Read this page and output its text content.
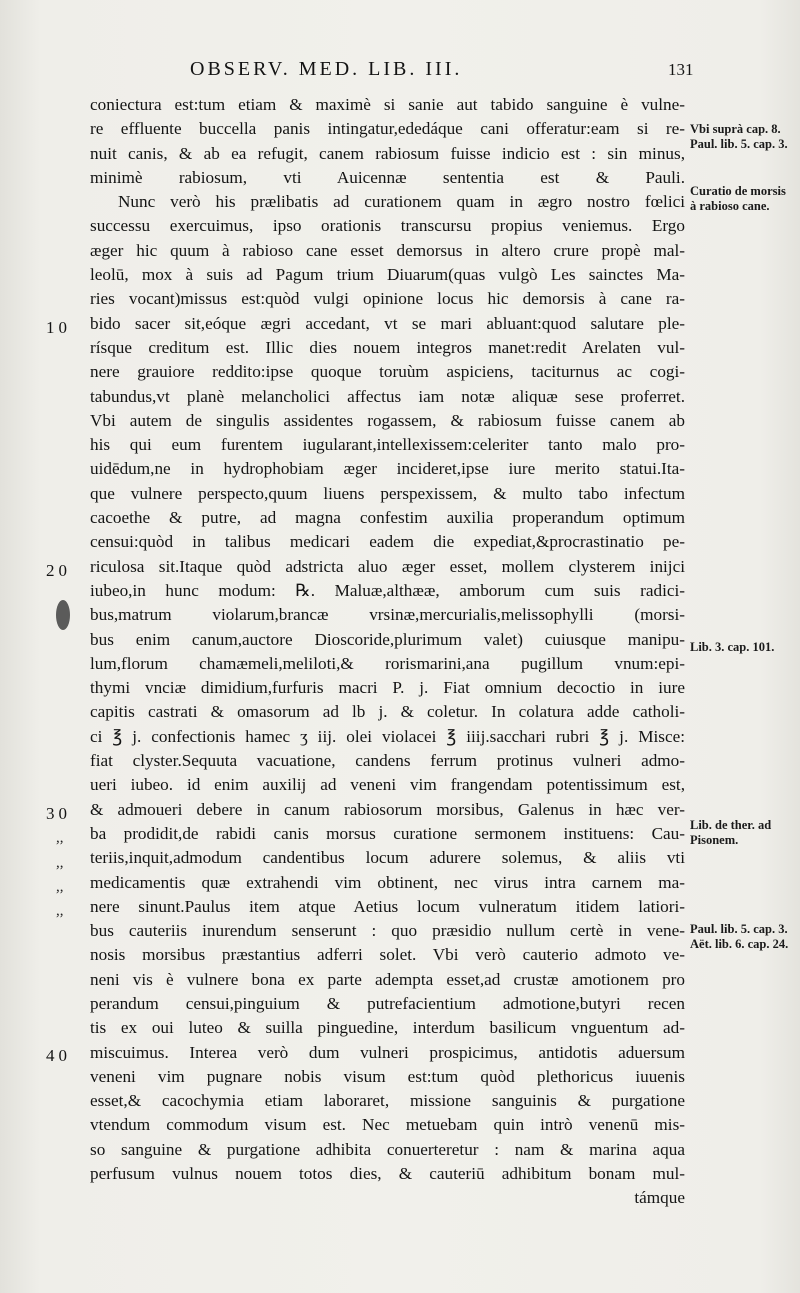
OBSERV. MED. LIB. III.	131
coniectura est:tum etiam & maximè si sanie aut tabido sanguine è vulne-
re effluente buccella panis intingatur,ededáque cani offeratur:eam si re-
nuit canis, & ab ea refugit, canem rabiosum fuisse indicio est : sin minus,
minimè rabiosum, vti Auicennæ sententia est & Pauli.
Nunc verò his prælibatis ad curationem quam in ægro nostro fœlici
successu exercuimus, ipso orationis transcursu propius veniemus. Ergo
æger hic quum à rabioso cane esset demorsus in altero crure propè mal-
leolū, mox à suis ad Pagum trium Diuarum(quas vulgò Les sainctes Ma-
ries vocant)missus est:quòd vulgi opinione locus hic demorsis à cane ra-
bido sacer sit,eóque ægri accedant, vt se mari abluant:quod salutare ple-
rísque creditum est. Illic dies nouem integros manet:redit Arelaten vul-
nere grauiore reddito:ipse quoque toruùm aspiciens, taciturnus ac cogi-
tabundus,vt planè melancholici affectus iam notæ aliquæ sese proferret.
Vbi autem de singulis assidentes rogassem, & rabiosum fuisse canem ab
his qui eum furentem iugularant,intellexissem:celeriter tanto malo pro-
uidēdum,ne in hydrophobiam æger incideret,ipse iure merito statui.Ita-
que vulnere perspecto,quum liuens perspexissem, & multo tabo infectum
cacoethe & putre, ad magna confestim auxilia properandum optimum
censui:quòd in talibus medicari eadem die expediat,&procrastinatio pe-
riculosa sit.Itaque quòd adstricta aluo æger esset, mollem clysterem inijci
iubeo,in hunc modum: ℞. Maluæ,althææ, amborum cum suis radici-
bus,matrum violarum,brancæ vrsinæ,mercurialis,melissophylli (morsi-
bus enim canum,auctore Dioscoride,plurimum valet) cuiusque manipu-
lum,florum chamæmeli,meliloti,& rorismarini,ana pugillum vnum:epi-
thymi vnciæ dimidium,furfuris macri P. j. Fiat omnium decoctio in iure
capitis castrati & omasorum ad lb j. & coletur. In colatura adde catholi-
ci ℥ j. confectionis hamec ʒ iij. olei violacei ℥ iiij.sacchari rubri ℥ j. Misce:
fiat clyster.Sequuta vacuatione, candens ferrum protinus vulneri admo-
ueri iubeo. id enim auxilij ad veneni vim frangendam potentissimum est,
& admoueri debere in canum rabiosorum morsibus, Galenus in hæc ver-
ba prodidit,de rabidi canis morsus curatione sermonem instituens: Cau-
teriis,inquit,admodum candentibus locum adurere solemus, & aliis vti
medicamentis quæ extrahendi vim obtinent, nec virus intra carnem ma-
nere sinunt.Paulus item atque Aetius locum vulneratum itidem latiori-
bus cauteriis inurendum senserunt : quo præsidio nullum certè in vene-
nosis morsibus præstantius adferri solet. Vbi verò cauterio admoto ve-
neni vis è vulnere bona ex parte adempta esset,ad crustæ amotionem pro
perandum censui,pinguium & putrefacientium admotione,butyri recen
tis ex oui luteo & suilla pinguedine, interdum basilicum vnguentum ad-
miscuimus. Interea verò dum vulneri prospicimus, antidotis aduersum
veneni vim pugnare nobis visum est:tum quòd plethoricus iuuenis
esset,& cacochymia etiam laboraret, missione sanguinis & purgatione
vtendum commodum visum est. Nec metuebam quin intrò venenū mis-
so sanguine & purgatione adhibita conuerteretur : nam & marina aqua
perfusum vulnus nouem totos dies, & cauteriū adhibitum bonam mul-
támque
10
20
30
40
,,
,,
,,
,,
Vbi suprà cap. 8. Paul. lib. 5. cap. 3.
Curatio de morsis à rabioso cane.
Lib. 3. cap. 101.
Lib. de ther. ad Pisonem.
Paul. lib. 5. cap. 3. Aët. lib. 6. cap. 24.
